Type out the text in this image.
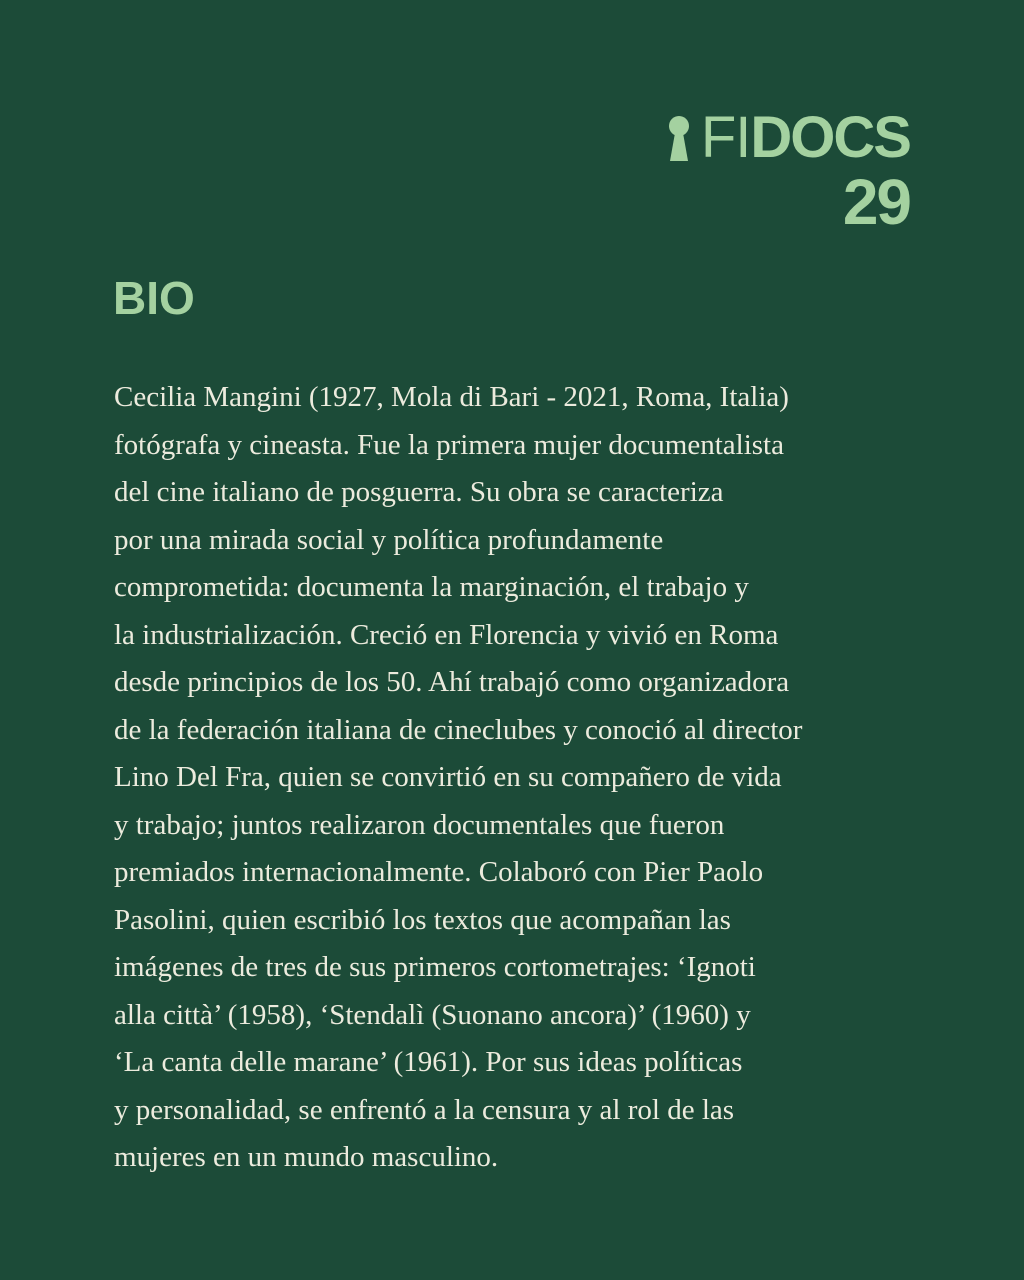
FI DOCS
29
BIO
Cecilia Mangini (1927, Mola di Bari - 2021, Roma, Italia)
fotógrafa y cineasta. Fue la primera mujer documentalista
del cine italiano de posguerra. Su obra se caracteriza
por una mirada social y política profundamente
comprometida: documenta la marginación, el trabajo y
la industrialización. Creció en Florencia y vivió en Roma
desde principios de los 50. Ahí trabajó como organizadora
de la federación italiana de cineclubes y conoció al director
Lino Del Fra, quien se convirtió en su compañero de vida
y trabajo; juntos realizaron documentales que fueron
premiados internacionalmente. Colaboró con Pier Paolo
Pasolini, quien escribió los textos que acompañan las
imágenes de tres de sus primeros cortometrajes: ‘Ignoti
alla città’ (1958), ‘Stendalì (Suonano ancora)’ (1960) y
‘La canta delle marane’ (1961). Por sus ideas políticas
y personalidad, se enfrentó a la censura y al rol de las
mujeres en un mundo masculino.
